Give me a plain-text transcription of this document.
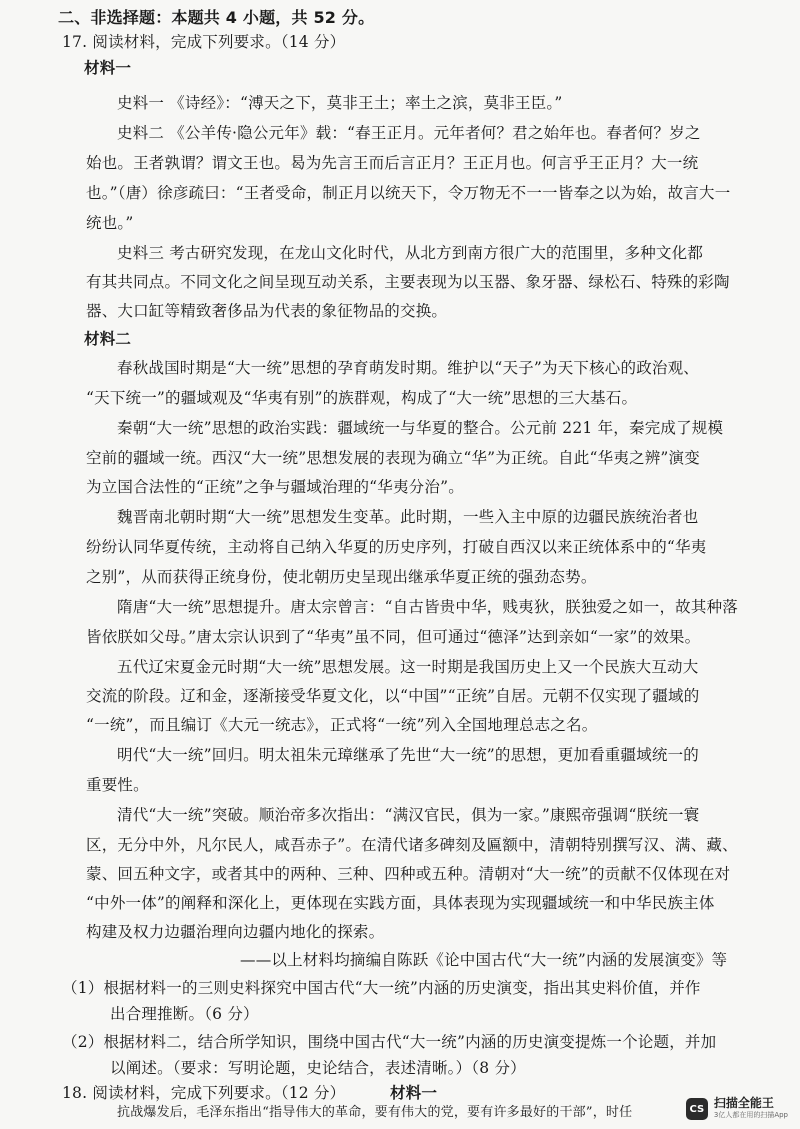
二、非选择题：本题共 4 小题，共 52 分。
17. 阅读材料，完成下列要求。（14 分）
材料一
史料一 《诗经》：“溥天之下，莫非王土；率土之滨，莫非王臣。”
史料二 《公羊传·隐公元年》载：“春王正月。元年者何？君之始年也。春者何？岁之
始也。王者孰谓？谓文王也。曷为先言王而后言正月？王正月也。何言乎王正月？大一统
也。”（唐）徐彦疏曰：“王者受命，制正月以统天下，令万物无不一一皆奉之以为始，故言大一
统也。”
史料三 考古研究发现，在龙山文化时代，从北方到南方很广大的范围里，多种文化都
有其共同点。不同文化之间呈现互动关系，主要表现为以玉器、象牙器、绿松石、特殊的彩陶
器、大口缸等精致奢侈品为代表的象征物品的交换。
材料二
春秋战国时期是“大一统”思想的孕育萌发时期。维护以“天子”为天下核心的政治观、
“天下统一”的疆域观及“华夷有别”的族群观，构成了“大一统”思想的三大基石。
秦朝“大一统”思想的政治实践：疆域统一与华夏的整合。公元前 221 年，秦完成了规模
空前的疆域一统。西汉“大一统”思想发展的表现为确立“华”为正统。自此“华夷之辨”演变
为立国合法性的“正统”之争与疆域治理的“华夷分治”。
魏晋南北朝时期“大一统”思想发生变革。此时期，一些入主中原的边疆民族统治者也
纷纷认同华夏传统，主动将自己纳入华夏的历史序列，打破自西汉以来正统体系中的“华夷
之别”，从而获得正统身份，使北朝历史呈现出继承华夏正统的强劲态势。
隋唐“大一统”思想提升。唐太宗曾言：“自古皆贵中华，贱夷狄，朕独爱之如一，故其种落
皆依朕如父母。”唐太宗认识到了“华夷”虽不同，但可通过“德泽”达到亲如“一家”的效果。
五代辽宋夏金元时期“大一统”思想发展。这一时期是我国历史上又一个民族大互动大
交流的阶段。辽和金，逐渐接受华夏文化，以“中国”“正统”自居。元朝不仅实现了疆域的
“一统”，而且编订《大元一统志》，正式将“一统”列入全国地理总志之名。
明代“大一统”回归。明太祖朱元璋继承了先世“大一统”的思想，更加看重疆域统一的
重要性。
清代“大一统”突破。顺治帝多次指出：“满汉官民，俱为一家。”康熙帝强调“朕统一寰
区，无分中外，凡尔民人，咸吾赤子”。在清代诸多碑刻及匾额中，清朝特别撰写汉、满、藏、
蒙、回五种文字，或者其中的两种、三种、四种或五种。清朝对“大一统”的贡献不仅体现在对
“中外一体”的阐释和深化上，更体现在实践方面，具体表现为实现疆域统一和中华民族主体
构建及权力边疆治理向边疆内地化的探索。
——以上材料均摘编自陈跃《论中国古代“大一统”内涵的发展演变》等
（1）根据材料一的三则史料探究中国古代“大一统”内涵的历史演变，指出其史料价值，并作
出合理推断。（6 分）
（2）根据材料二，结合所学知识，围绕中国古代“大一统”内涵的历史演变提炼一个论题，并加
以阐述。（要求：写明论题，史论结合，表述清晰。）（8 分）
18. 阅读材料，完成下列要求。（12 分）	材料一
抗战爆发后，毛泽东指出“指导伟大的革命，要有伟大的党，要有许多最好的干部”，时任	CS 扫描全能王
3亿人都在用的扫描App
